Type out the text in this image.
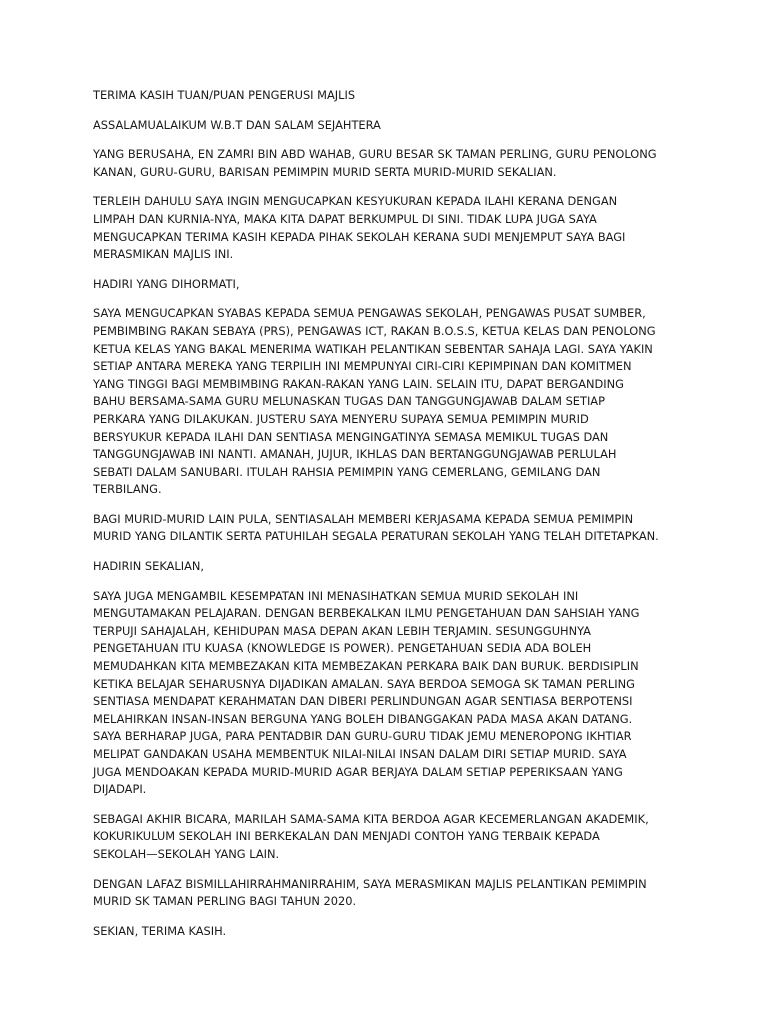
TERIMA KASIH TUAN/PUAN PENGERUSI MAJLIS

ASSALAMUALAIKUM W.B.T DAN SALAM SEJAHTERA

YANG BERUSAHA, EN ZAMRI BIN ABD WAHAB, GURU BESAR SK TAMAN PERLING, GURU PENOLONG
KANAN, GURU-GURU, BARISAN PEMIMPIN MURID SERTA MURID-MURID SEKALIAN.

TERLEIH DAHULU SAYA INGIN MENGUCAPKAN KESYUKURAN KEPADA ILAHI KERANA DENGAN
LIMPAH DAN KURNIA-NYA, MAKA KITA DAPAT BERKUMPUL DI SINI. TIDAK LUPA JUGA SAYA
MENGUCAPKAN TERIMA KASIH KEPADA PIHAK SEKOLAH KERANA SUDI MENJEMPUT SAYA BAGI
MERASMIKAN MAJLIS INI.

HADIRI YANG DIHORMATI,

SAYA MENGUCAPKAN SYABAS KEPADA SEMUA PENGAWAS SEKOLAH, PENGAWAS PUSAT SUMBER,
PEMBIMBING RAKAN SEBAYA (PRS), PENGAWAS ICT, RAKAN B.O.S.S, KETUA KELAS DAN PENOLONG
KETUA KELAS YANG BAKAL MENERIMA WATIKAH PELANTIKAN SEBENTAR SAHAJA LAGI. SAYA YAKIN
SETIAP ANTARA MEREKA YANG TERPILIH INI MEMPUNYAI CIRI-CIRI KEPIMPINAN DAN KOMITMEN
YANG TINGGI BAGI MEMBIMBING RAKAN-RAKAN YANG LAIN. SELAIN ITU, DAPAT BERGANDING
BAHU BERSAMA-SAMA GURU MELUNASKAN TUGAS DAN TANGGUNGJAWAB DALAM SETIAP
PERKARA YANG DILAKUKAN. JUSTERU SAYA MENYERU SUPAYA SEMUA PEMIMPIN MURID
BERSYUKUR KEPADA ILAHI DAN SENTIASA MENGINGATINYA SEMASA MEMIKUL TUGAS DAN
TANGGUNGJAWAB INI NANTI. AMANAH, JUJUR, IKHLAS DAN BERTANGGUNGJAWAB PERLULAH
SEBATI DALAM SANUBARI. ITULAH RAHSIA PEMIMPIN YANG CEMERLANG, GEMILANG DAN
TERBILANG.

BAGI MURID-MURID LAIN PULA, SENTIASALAH MEMBERI KERJASAMA KEPADA SEMUA PEMIMPIN
MURID YANG DILANTIK SERTA PATUHILAH SEGALA PERATURAN SEKOLAH YANG TELAH DITETAPKAN.

HADIRIN SEKALIAN,

SAYA JUGA MENGAMBIL KESEMPATAN INI MENASIHATKAN SEMUA MURID SEKOLAH INI
MENGUTAMAKAN PELAJARAN. DENGAN BERBEKALKAN ILMU PENGETAHUAN DAN SAHSIAH YANG
TERPUJI SAHAJALAH, KEHIDUPAN MASA DEPAN AKAN LEBIH TERJAMIN. SESUNGGUHNYA
PENGETAHUAN ITU KUASA (KNOWLEDGE IS POWER). PENGETAHUAN SEDIA ADA BOLEH
MEMUDAHKAN KITA MEMBEZAKAN KITA MEMBEZAKAN PERKARA BAIK DAN BURUK. BERDISIPLIN
KETIKA BELAJAR SEHARUSNYA DIJADIKAN AMALAN. SAYA BERDOA SEMOGA SK TAMAN PERLING
SENTIASA MENDAPAT KERAHMATAN DAN DIBERI PERLINDUNGAN AGAR SENTIASA BERPOTENSI
MELAHIRKAN INSAN-INSAN BERGUNA YANG BOLEH DIBANGGAKAN PADA MASA AKAN DATANG.
SAYA BERHARAP JUGA, PARA PENTADBIR DAN GURU-GURU TIDAK JEMU MENEROPONG IKHTIAR
MELIPAT GANDAKAN USAHA MEMBENTUK NILAI-NILAI INSAN DALAM DIRI SETIAP MURID. SAYA
JUGA MENDOAKAN KEPADA MURID-MURID AGAR BERJAYA DALAM SETIAP PEPERIKSAAN YANG
DIJADAPI.

SEBAGAI AKHIR BICARA, MARILAH SAMA-SAMA KITA BERDOA AGAR KECEMERLANGAN AKADEMIK,
KOKURIKULUM SEKOLAH INI BERKEKALAN DAN MENJADI CONTOH YANG TERBAIK KEPADA
SEKOLAH—SEKOLAH YANG LAIN.

DENGAN LAFAZ BISMILLAHIRRAHMANIRRAHIM, SAYA MERASMIKAN MAJLIS PELANTIKAN PEMIMPIN
MURID SK TAMAN PERLING BAGI TAHUN 2020.

SEKIAN, TERIMA KASIH.
